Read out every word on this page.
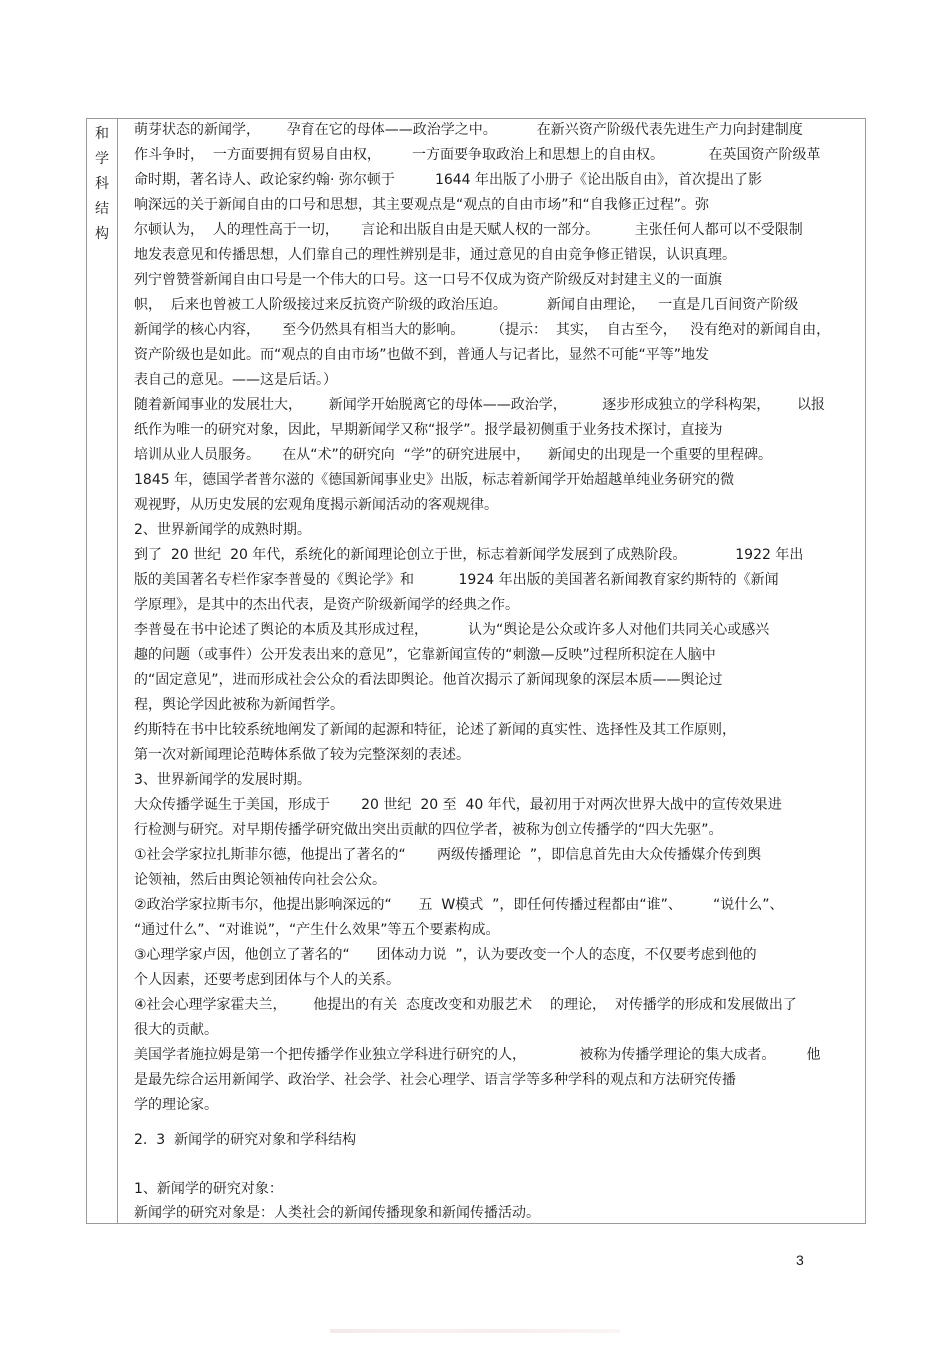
和
学
科
结
构
萌芽状态的新闻学，      孕育在它的母体——政治学之中。         在新兴资产阶级代表先进生产力向封建制度
作斗争时，  一方面要拥有贸易自由权，       一方面要争取政治上和思想上的自由权。          在英国资产阶级革
命时期，著名诗人、政论家约翰· 弥尔顿于         1644 年出版了小册子《论出版自由》，首次提出了影
响深远的关于新闻自由的口号和思想，其主要观点是“观点的自由市场”和“自我修正过程”。弥
尔顿认为，  人的理性高于一切，     言论和出版自由是天赋人权的一部分。        主张任何人都可以不受限制
地发表意见和传播思想，人们靠自己的理性辨别是非，通过意见的自由竞争修正错误，认识真理。
列宁曾赞誉新闻自由口号是一个伟大的口号。这一口号不仅成为资产阶级反对封建主义的一面旗
帜，  后来也曾被工人阶级接过来反抗资产阶级的政治压迫。         新闻自由理论，   一直是几百间资产阶级
新闻学的核心内容，     至今仍然具有相当大的影响。      （提示：  其实，  自古至今，   没有绝对的新闻自由，
资产阶级也是如此。而“观点的自由市场”也做不到，普通人与记者比，显然不可能“平等”地发
表自己的意见。——这是后话。）
随着新闻事业的发展壮大，      新闻学开始脱离它的母体——政治学，        逐步形成独立的学科构架，      以报
纸作为唯一的研究对象，因此，早期新闻学又称“报学”。报学最初侧重于业务技术探讨，直接为
培训从业人员服务。     在从“术”的研究向  “学”的研究进展中，    新闻史的出现是一个重要的里程碑。
1845 年，德国学者普尔滋的《德国新闻事业史》出版，标志着新闻学开始超越单纯业务研究的微
观视野，从历史发展的宏观角度揭示新闻活动的客观规律。
2、世界新闻学的成熟时期。
到了  20 世纪  20 年代，系统化的新闻理论创立于世，标志着新闻学发展到了成熟阶段。           1922 年出
版的美国著名专栏作家李普曼的《舆论学》和          1924 年出版的美国著名新闻教育家约斯特的《新闻
学原理》，是其中的杰出代表，是资产阶级新闻学的经典之作。
李普曼在书中论述了舆论的本质及其形成过程，         认为“舆论是公众或许多人对他们共同关心或感兴
趣的问题（或事件）公开发表出来的意见”，它靠新闻宣传的“刺激—反映”过程所积淀在人脑中
的“固定意见”，进而形成社会公众的看法即舆论。他首次揭示了新闻现象的深层本质——舆论过
程，舆论学因此被称为新闻哲学。
约斯特在书中比较系统地阐发了新闻的起源和特征，论述了新闻的真实性、选择性及其工作原则，
第一次对新闻理论范畴体系做了较为完整深刻的表述。
3、世界新闻学的发展时期。
大众传播学诞生于美国，形成于       20 世纪  20 至  40 年代，最初用于对两次世界大战中的宣传效果进
行检测与研究。对早期传播学研究做出突出贡献的四位学者，被称为创立传播学的“四大先驱”。
①社会学家拉扎斯菲尔德，他提出了著名的“       两级传播理论  ”，即信息首先由大众传播媒介传到舆
论领袖，然后由舆论领袖传向社会公众。
②政治学家拉斯韦尔，他提出影响深远的“      五  W模式  ”，即任何传播过程都由“谁”、       “说什么”、
“通过什么”、“对谁说”，“产生什么效果”等五个要素构成。
③心理学家卢因，他创立了著名的“      团体动力说  ”，认为要改变一个人的态度，不仅要考虑到他的
个人因素，还要考虑到团体与个人的关系。
④社会心理学家霍夫兰，      他提出的有关  态度改变和劝服艺术    的理论，  对传播学的形成和发展做出了
很大的贡献。
美国学者施拉姆是第一个把传播学作业独立学科进行研究的人，            被称为传播学理论的集大成者。       他
是最先综合运用新闻学、政治学、社会学、社会心理学、语言学等多种学科的观点和方法研究传播
学的理论家。
2.  3  新闻学的研究对象和学科结构
1、新闻学的研究对象：
新闻学的研究对象是：人类社会的新闻传播现象和新闻传播活动。
3
